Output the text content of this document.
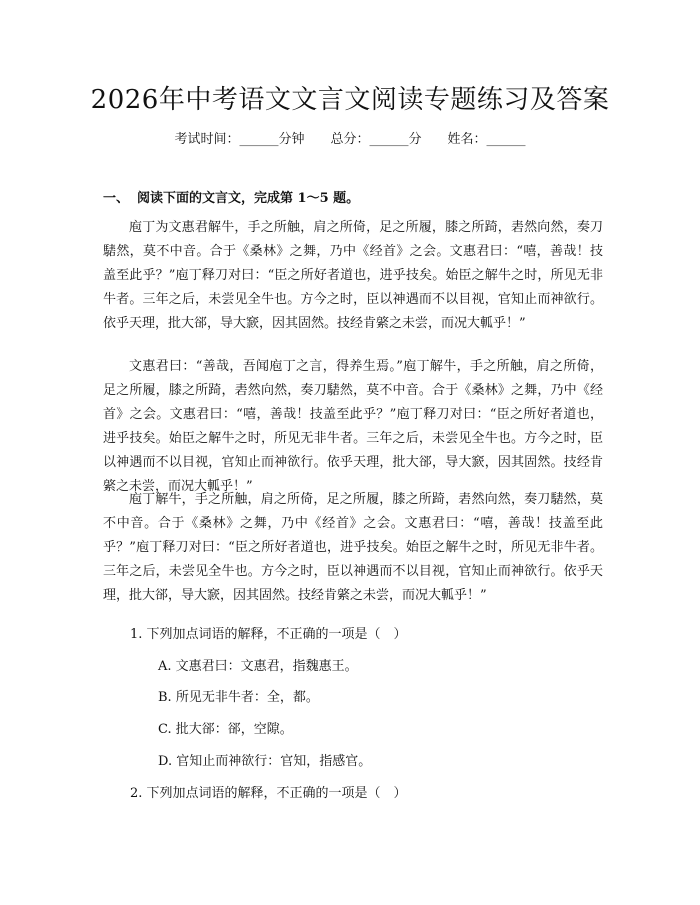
2026年中考语文文言文阅读专题练习及答案
考试时间：______分钟 总分：______分 姓名：______
一、 阅读下面的文言文，完成第 1～5 题。

庖丁为文惠君解牛，手之所触，肩之所倚，足之所履，膝之所踦，砉然向然，奏刀騞然，莫不中音。合于《桑林》之舞，乃中《经首》之会。文惠君曰：“嘻，善哉！技盖至此乎？”庖丁释刀对曰：“臣之所好者道也，进乎技矣。始臣之解牛之时，所见无非牛者。三年之后，未尝见全牛也。方今之时，臣以神遇而不以目视，官知止而神欲行。依乎天理，批大郤，导大窾，因其固然。技经肯綮之未尝，而况大軱乎！”

文惠君曰：“善哉，吾闻庖丁之言，得养生焉。”庖丁解牛，手之所触，肩之所倚，足之所履，膝之所踦，砉然向然，奏刀騞然，莫不中音。合于《桑林》之舞，乃中《经首》之会。文惠君曰：“嘻，善哉！技盖至此乎？”庖丁释刀对曰：“臣之所好者道也，进乎技矣。始臣之解牛之时，所见无非牛者。三年之后，未尝见全牛也。方今之时，臣以神遇而不以目视，官知止而神欲行。依乎天理，批大郤，导大窾，因其固然。技经肯綮之未尝，而况大軱乎！”

庖丁解牛，手之所触，肩之所倚，足之所履，膝之所踦，砉然向然，奏刀騞然，莫不中音。合于《桑林》之舞，乃中《经首》之会。文惠君曰：“嘻，善哉！技盖至此乎？”庖丁释刀对曰：“臣之所好者道也，进乎技矣。始臣之解牛之时，所见无非牛者。三年之后，未尝见全牛也。方今之时，臣以神遇而不以目视，官知止而神欲行。依乎天理，批大郤，导大窾，因其固然。技经肯綮之未尝，而况大軱乎！”

1. 下列加点词语的解释，不正确的一项是（　）
A. 文惠君曰：文惠君，指魏惠王。
B. 所见无非牛者：全，都。
C. 批大郤：郤，空隙。
D. 官知止而神欲行：官知，指感官。
2. 下列加点词语的解释，不正确的一项是（　）
